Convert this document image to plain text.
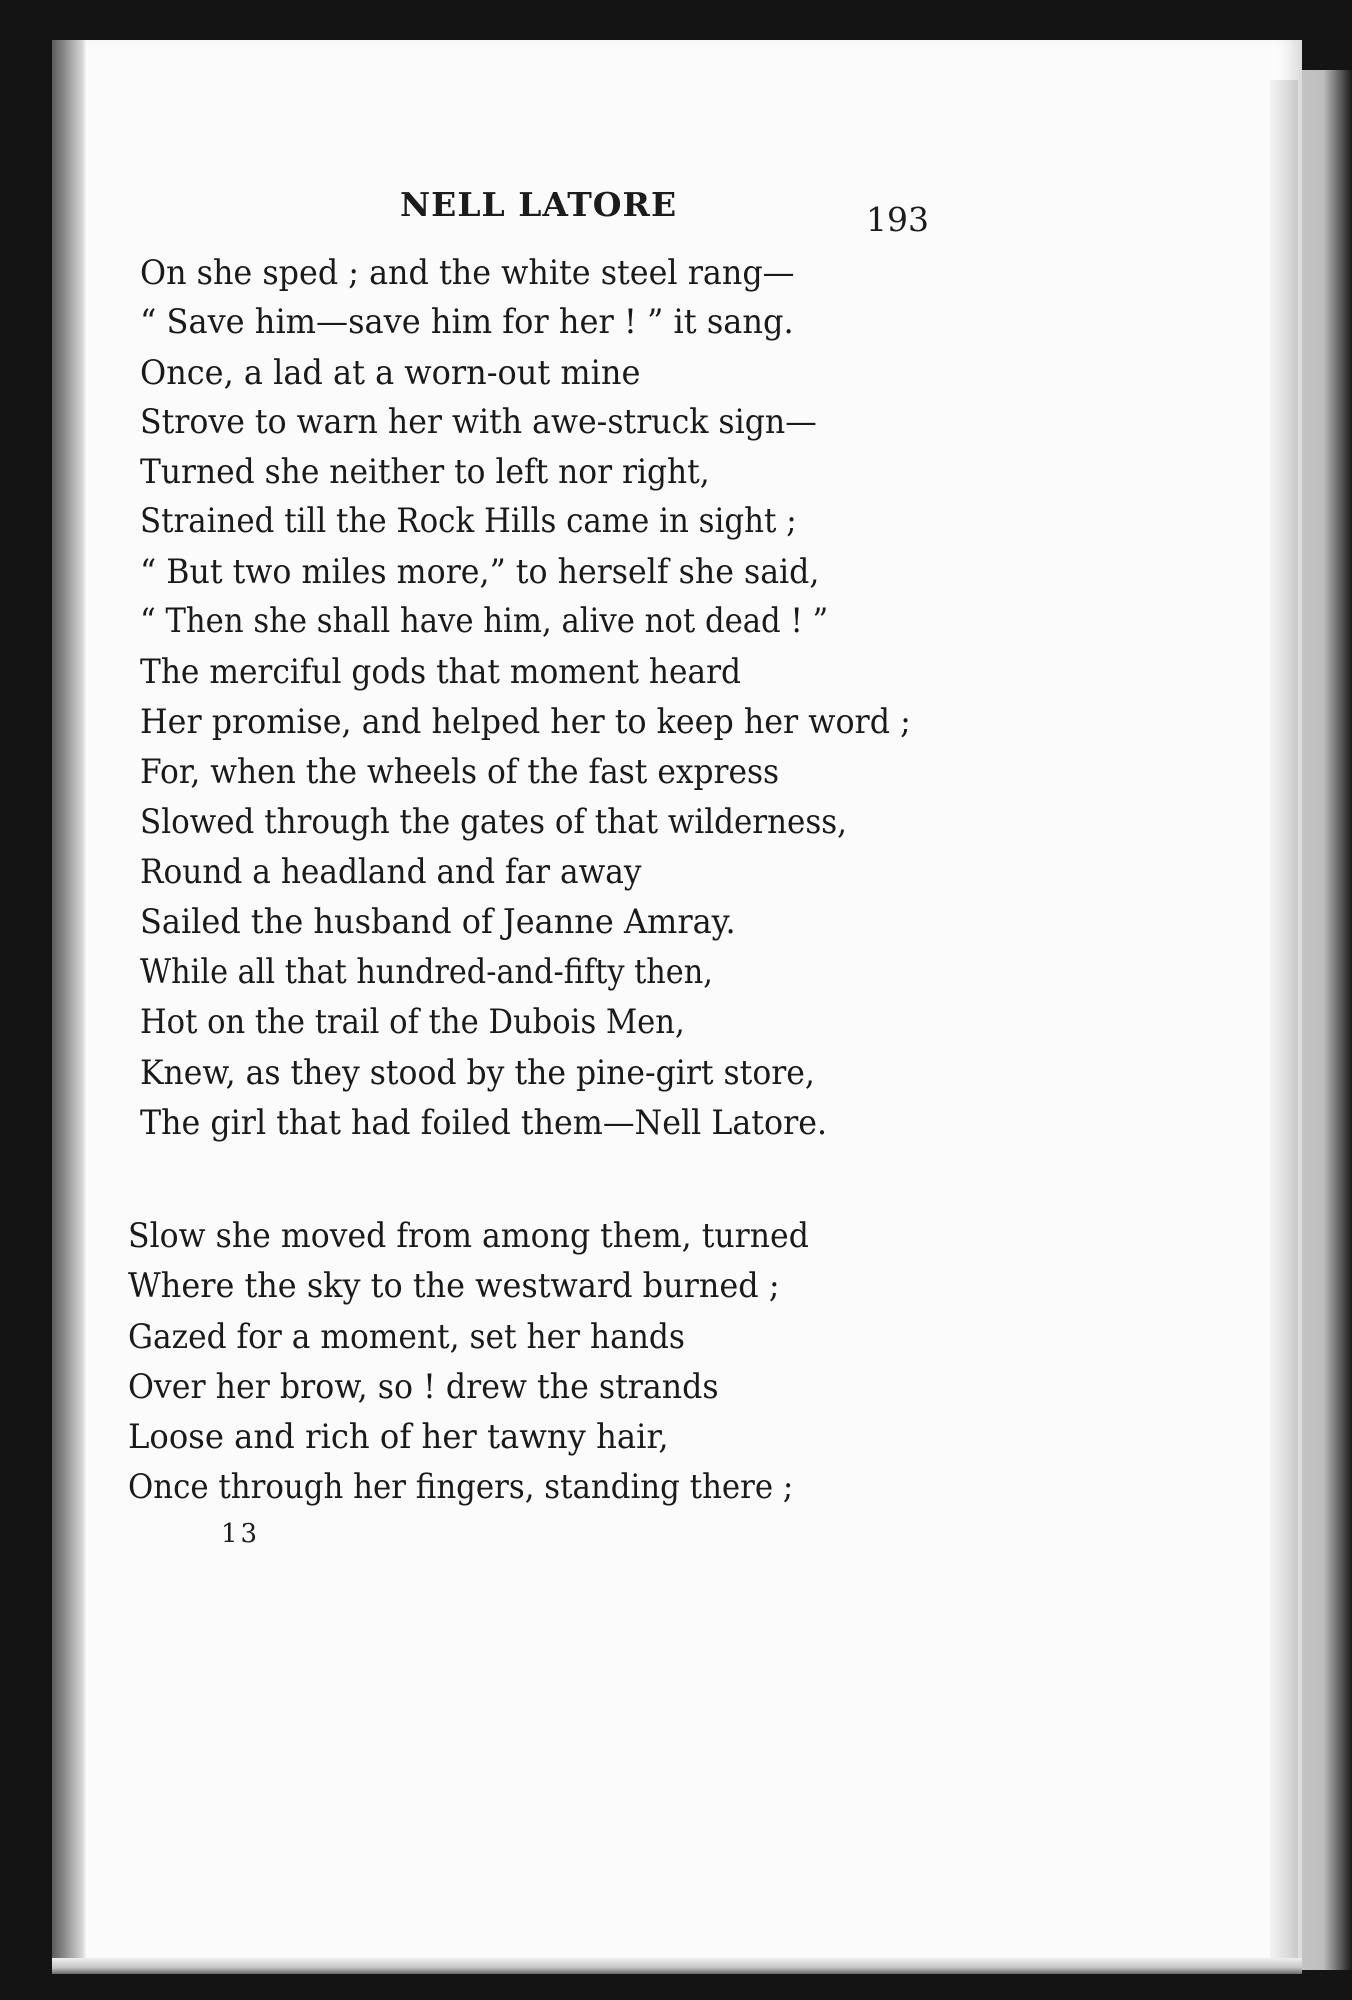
NELL LATORE	193

On she sped ; and the white steel rang—
“ Save him—save him for her ! ” it sang.
Once, a lad at a worn-out mine
Strove to warn her with awe-struck sign—
Turned she neither to left nor right,
Strained till the Rock Hills came in sight ;
“ But two miles more,” to herself she said,
“ Then she shall have him, alive not dead ! ”
The merciful gods that moment heard
Her promise, and helped her to keep her word ;
For, when the wheels of the fast express
Slowed through the gates of that wilderness,
Round a headland and far away
Sailed the husband of Jeanne Amray.
While all that hundred-and-fifty then,
Hot on the trail of the Dubois Men,
Knew, as they stood by the pine-girt store,
The girl that had foiled them—Nell Latore.
Slow she moved from among them, turned
Where the sky to the westward burned ;
Gazed for a moment, set her hands
Over her brow, so ! drew the strands
Loose and rich of her tawny hair,
Once through her fingers, standing there ;

13
